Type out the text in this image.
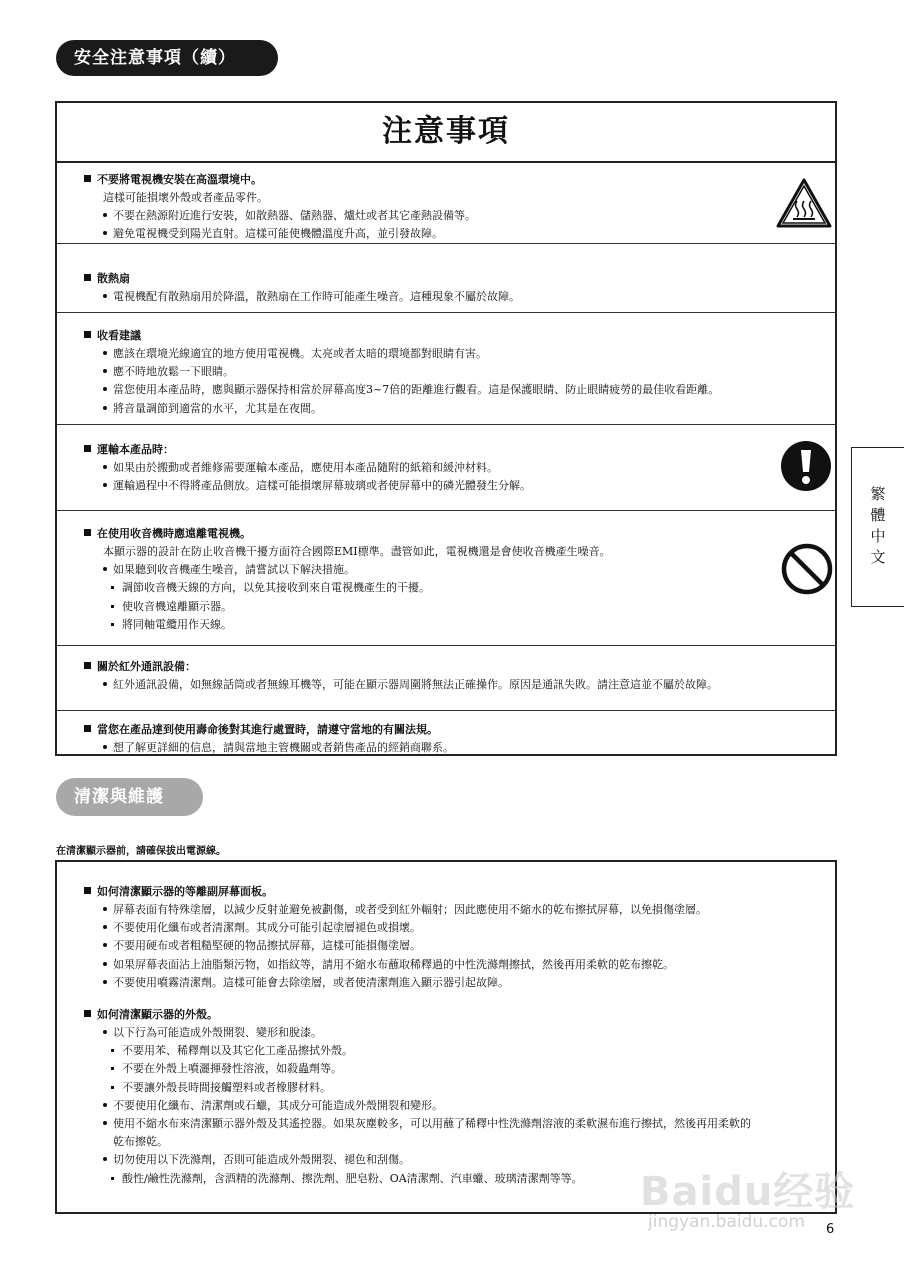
安全注意事項（續）
注意事項
不要將電視機安裝在高溫環境中。
這樣可能損壞外殼或者產品零件。
不要在熱源附近進行安裝，如散熱器、儲熱器、爐灶或者其它產熱設備等。
避免電視機受到陽光直射。這樣可能使機體溫度升高，並引發故障。
散熱扇
電視機配有散熱扇用於降溫，散熱扇在工作時可能產生噪音。這種現象不屬於故障。
收看建議
應該在環境光線適宜的地方使用電視機。太亮或者太暗的環境都對眼睛有害。
應不時地放鬆一下眼睛。
當您使用本產品時，應與顯示器保持相當於屏幕高度3~7倍的距離進行觀看。這是保護眼睛、防止眼睛疲勞的最佳收看距離。
將音量調節到適當的水平，尤其是在夜間。
運輸本產品時：
如果由於搬動或者維修需要運輸本產品，應使用本產品隨附的紙箱和緩沖材料。
運輸過程中不得將產品側放。這樣可能損壞屏幕玻璃或者使屏幕中的磷光體發生分解。
在使用收音機時應遠離電視機。
本顯示器的設計在防止收音機干擾方面符合國際EMI標準。盡管如此，電視機還是會使收音機產生噪音。
如果聽到收音機產生噪音，請嘗試以下解決措施。
調節收音機天線的方向，以免其接收到來自電視機產生的干擾。
使收音機遠離顯示器。
將同軸電纜用作天線。
關於紅外通訊設備：
紅外通訊設備，如無線話筒或者無線耳機等，可能在顯示器周圍將無法正確操作。原因是通訊失敗。請注意這並不屬於故障。
當您在產品達到使用壽命後對其進行處置時，請遵守當地的有關法規。
想了解更詳細的信息，請與當地主管機關或者銷售產品的經銷商聯系。
清潔與維護
在清潔顯示器前，請確保拔出電源線。
如何清潔顯示器的等離副屏幕面板。
屏幕表面有特殊塗層，以減少反射並避免被劃傷，或者受到紅外輻射；因此應使用不縮水的乾布擦拭屏幕，以免損傷塗層。
不要使用化纖布或者清潔劑。其成分可能引起塗層褪色或損壞。
不要用硬布或者粗糙堅硬的物品擦拭屏幕，這樣可能損傷塗層。
如果屏幕表面沾上油脂類污物，如指紋等，請用不縮水布蘸取稀釋過的中性洗滌劑擦拭，然後再用柔軟的乾布擦乾。
不要使用噴霧清潔劑。這樣可能會去除塗層，或者使清潔劑進入顯示器引起故障。
如何清潔顯示器的外殼。
以下行為可能造成外殼開裂、變形和脫漆。
不要用苯、稀釋劑以及其它化工產品擦拭外殼。
不要在外殼上噴灑揮發性溶液，如殺蟲劑等。
不要讓外殼長時間接觸塑料或者橡膠材料。
不要使用化纖布、清潔劑或石蠟，其成分可能造成外殼開裂和變形。
使用不縮水布來清潔顯示器外殼及其遙控器。如果灰塵較多，可以用蘸了稀釋中性洗滌劑溶液的柔軟濕布進行擦拭，然後再用柔軟的
乾布擦乾。
切勿使用以下洗滌劑，否則可能造成外殼開裂、褪色和刮傷。
酸性/鹼性洗滌劑，含酒精的洗滌劑、擦洗劑、肥皂粉、OA清潔劑、汽車蠟、玻璃清潔劑等等。
繁體中文
Baidu经验
jingyan.baidu.com 6
